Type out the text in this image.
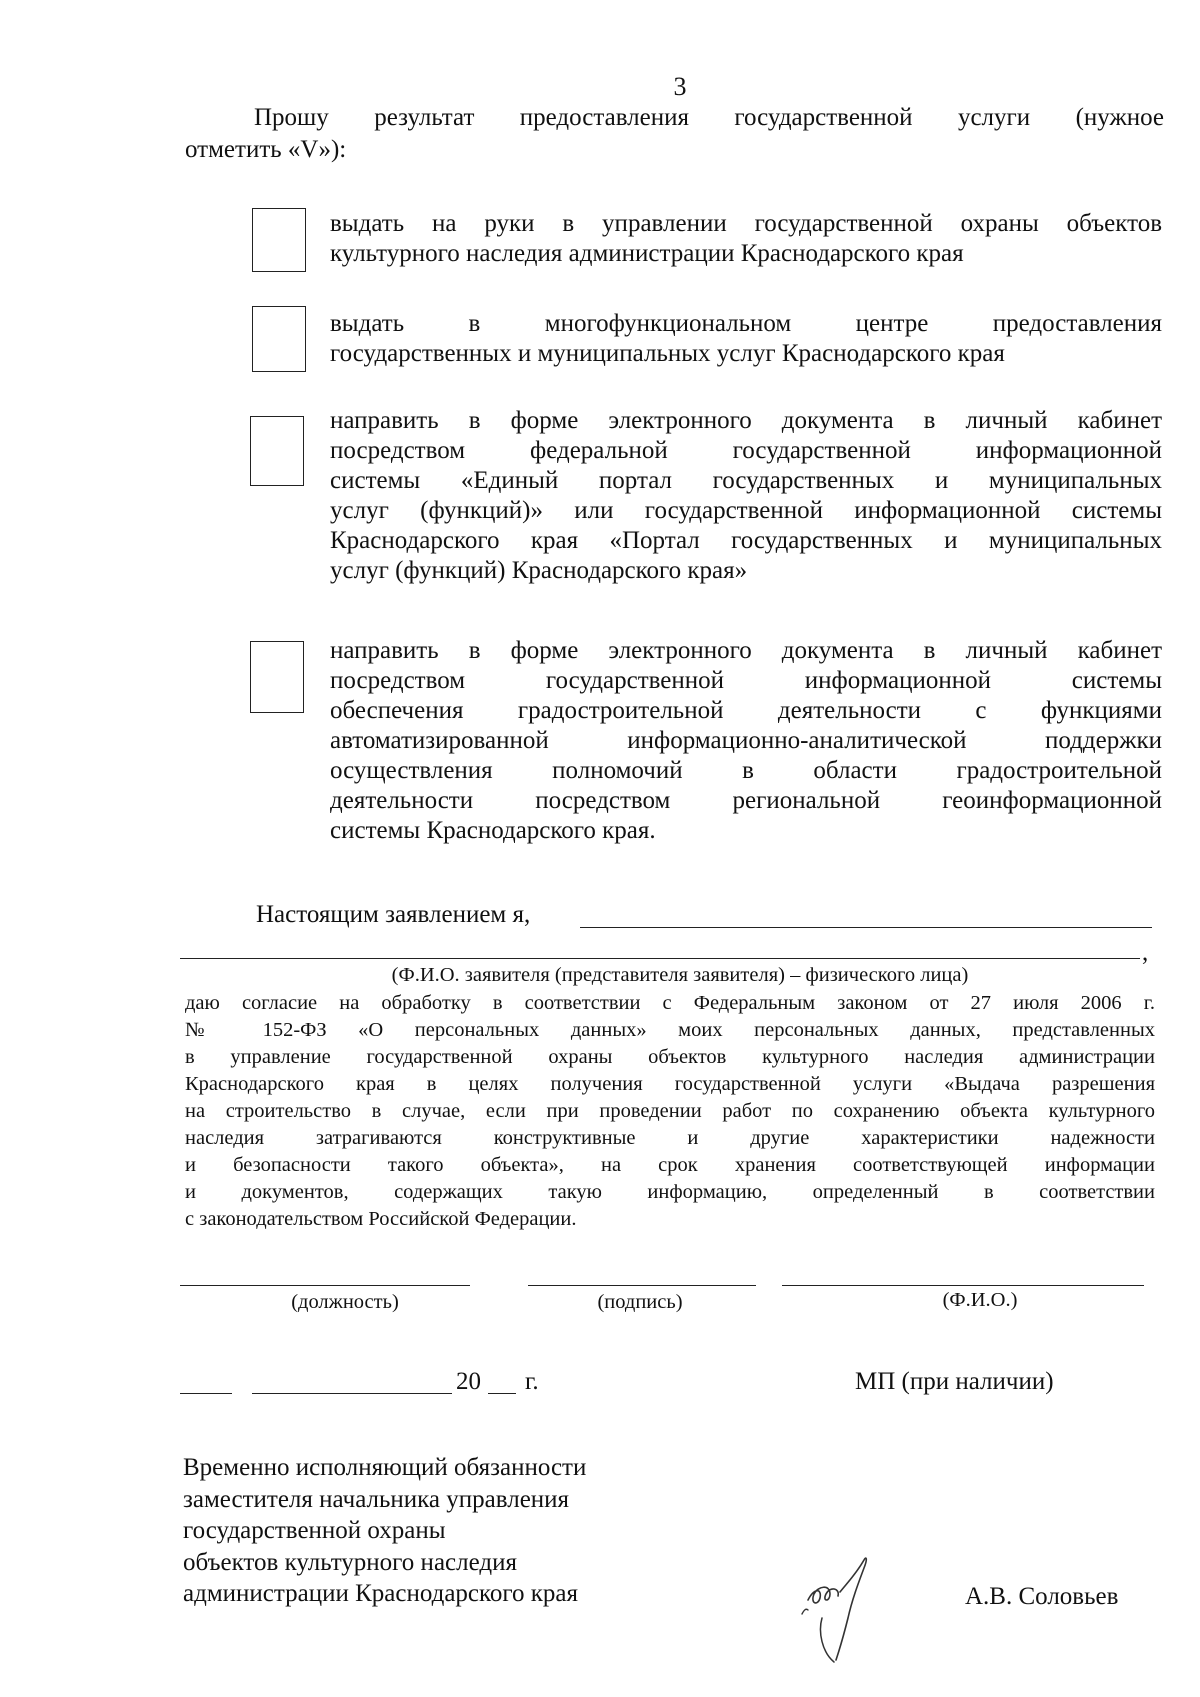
3
Прошу результат предоставления государственной услуги (нужное
отметить «V»):
выдать на руки в управлении государственной охраны объектов
культурного наследия администрации Краснодарского края
выдать в многофункциональном центре предоставления
государственных и муниципальных услуг Краснодарского края
направить в форме электронного документа в личный кабинет
посредством федеральной государственной информационной
системы «Единый портал государственных и муниципальных
услуг (функций)» или государственной информационной системы
Краснодарского края «Портал государственных и муниципальных
услуг (функций) Краснодарского края»
направить в форме электронного документа в личный кабинет
посредством государственной информационной системы
обеспечения градостроительной деятельности с функциями
автоматизированной информационно-аналитической поддержки
осуществления полномочий в области градостроительной
деятельности посредством региональной геоинформационной
системы Краснодарского края.
Настоящим заявлением я,
,
(Ф.И.О. заявителя (представителя заявителя) – физического лица)
даю согласие на обработку в соответствии с Федеральным законом от 27 июля 2006 г.
№ 152-ФЗ «О персональных данных» моих персональных данных, представленных
в управление государственной охраны объектов культурного наследия администрации
Краснодарского края в целях получения государственной услуги «Выдача разрешения
на строительство в случае, если при проведении работ по сохранению объекта культурного
наследия затрагиваются конструктивные и другие характеристики надежности
и безопасности такого объекта», на срок хранения соответствующей информации
и документов, содержащих такую информацию, определенный в соответствии
с законодательством Российской Федерации.
(должность)	(подпись)	(Ф.И.О.)
20 г.	МП (при наличии)
Временно исполняющий обязанности
заместителя начальника управления
государственной охраны
объектов культурного наследия
администрации Краснодарского края	А.В. Соловьев
